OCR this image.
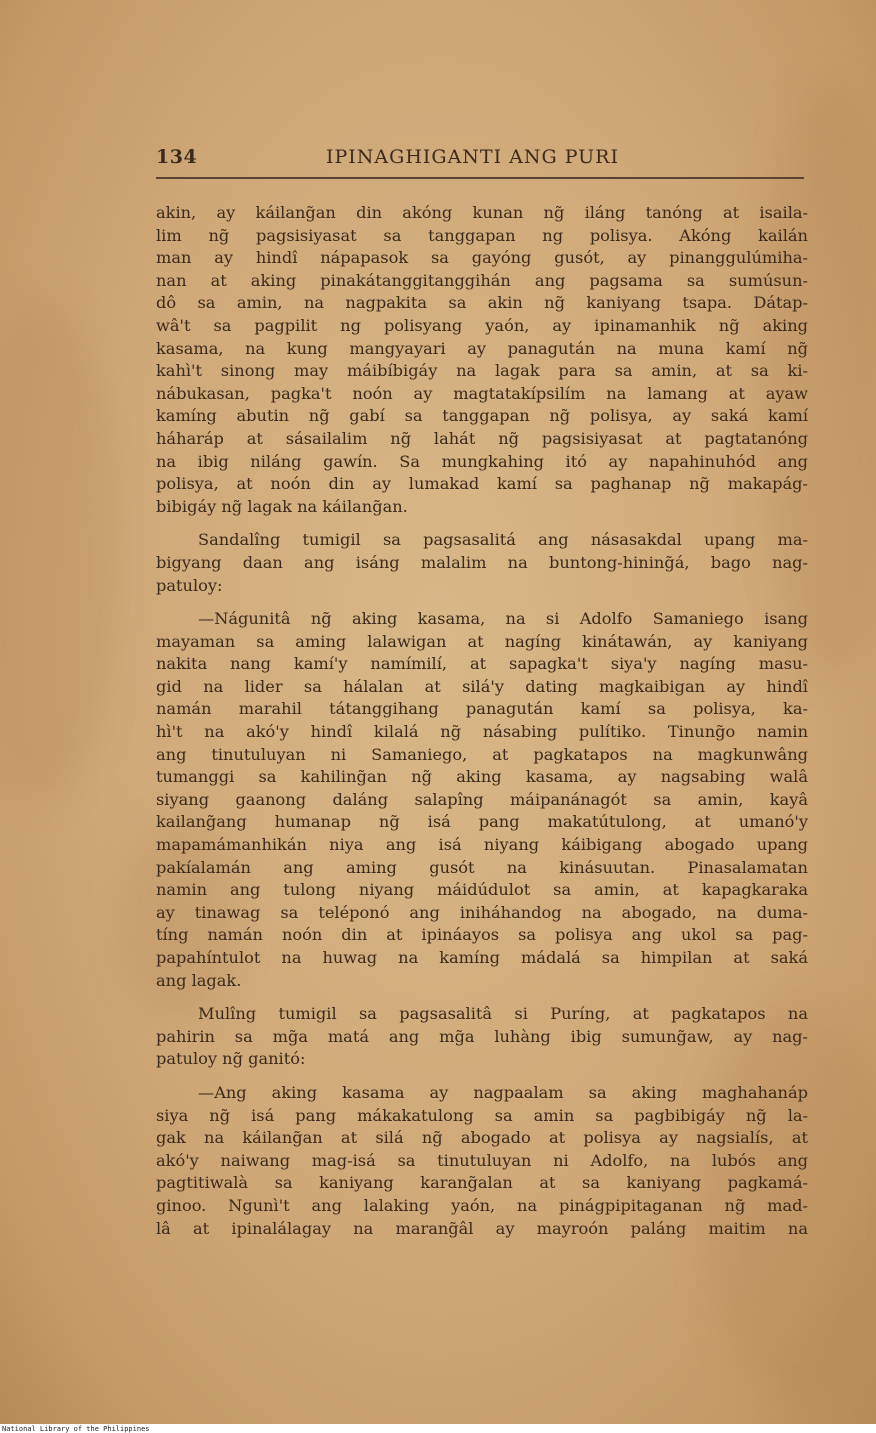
134	IPINAGHIGANTI ANG PURI
akin, ay káilang̃an din akóng kunan ng̃ iláng tanóng at isaila-
lim ng̃ pagsisiyasat sa tanggapan ng polisya. Akóng kailán
man ay hindî nápapasok sa gayóng gusót, ay pinanggulúmiha-
nan at aking pinakátanggitanggihán ang pagsama sa sumúsun-
dô sa amin, na nagpakita sa akin ng̃ kaniyang tsapa. Dátap-
wâ't sa pagpilit ng polisyang yaón, ay ipinamanhik ng̃ aking
kasama, na kung mangyayari ay panagután na muna kamí ng̃
kahì't sinong may máibíbigáy na lagak para sa amin, at sa ki-
nábukasan, pagka't noón ay magtatakípsilím na lamang at ayaw
kamíng abutin ng̃ gabí sa tanggapan ng̃ polisya, ay saká kamí
háharáp at sásailalim ng̃ lahát ng̃ pagsisiyasat at pagtatanóng
na ibig niláng gawín. Sa mungkahing itó ay napahinuhód ang
polisya, at noón din ay lumakad kamí sa paghanap ng̃ makapág-
bibigáy ng̃ lagak na káilang̃an.
Sandalîng tumigil sa pagsasalitá ang násasakdal upang ma-
bigyang daan ang isáng malalim na buntong-hining̃á, bago nag-
patuloy:
—Nágunitâ ng̃ aking kasama, na si Adolfo Samaniego isang
mayaman sa aming lalawigan at nagíng kinátawán, ay kaniyang
nakita nang kamí'y namímilí, at sapagka't siya'y nagíng masu-
gid na lider sa hálalan at silá'y dating magkaibigan ay hindî
namán marahil tátanggihang panagután kamí sa polisya, ka-
hì't na akó'y hindî kilalá ng̃ násabing pulítiko. Tinung̃o namin
ang tinutuluyan ni Samaniego, at pagkatapos na magkunwâng
tumanggi sa kahiling̃an ng̃ aking kasama, ay nagsabing walâ
siyang gaanong daláng salapîng máipanánagót sa amin, kayâ
kailang̃ang humanap ng̃ isá pang makatútulong, at umanó'y
mapamámanhikán niya ang isá niyang káibigang abogado upang
pakíalamán ang aming gusót na kinásuutan. Pinasalamatan
namin ang tulong niyang máidúdulot sa amin, at kapagkaraka
ay tinawag sa teléponó ang iniháhandog na abogado, na duma-
tíng namán noón din at ipináayos sa polisya ang ukol sa pag-
papahíntulot na huwag na kamíng mádalá sa himpilan at saká
ang lagak.
Mulîng tumigil sa pagsasalitâ si Puríng, at pagkatapos na
pahirin sa mg̃a matá ang mg̃a luhàng ibig sumung̃aw, ay nag-
patuloy ng̃ ganitó:
—Ang aking kasama ay nagpaalam sa aking maghahanáp
siya ng̃ isá pang mákakatulong sa amin sa pagbibigáy ng̃ la-
gak na káilang̃an at silá ng̃ abogado at polisya ay nagsialís, at
akó'y naiwang mag-isá sa tinutuluyan ni Adolfo, na lubós ang
pagtitiwalà sa kaniyang karang̃alan at sa kaniyang pagkamá-
ginoo. Ngunì't ang lalaking yaón, na pinágpipitaganan ng̃ mad-
lâ at ipinalálagay na marang̃âl ay mayroón paláng maitim na
National Library of the Philippines
